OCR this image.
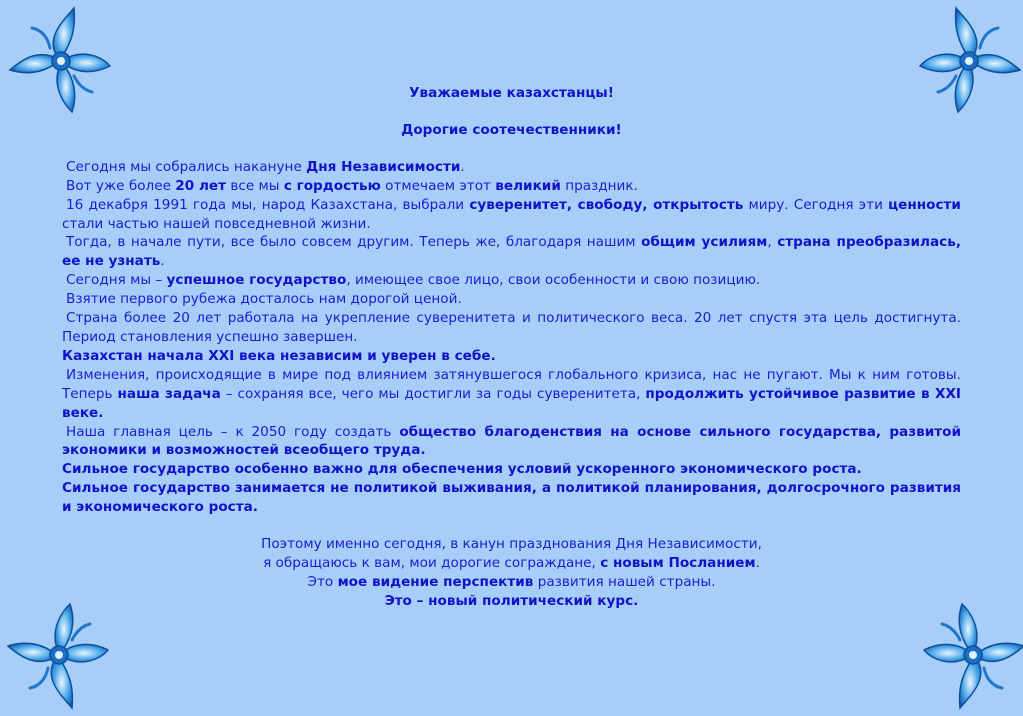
Уважаемые казахстанцы!
Дорогие соотечественники!
Сегодня мы собрались накануне Дня Независимости.
Вот уже более 20 лет все мы с гордостью отмечаем этот великий праздник.
16 декабря 1991 года мы, народ Казахстана, выбрали суверенитет, свободу, открытость миру. Сегодня эти ценности стали частью нашей повседневной жизни.
Тогда, в начале пути, все было совсем другим. Теперь же, благодаря нашим общим усилиям, страна преобразилась, ее не узнать.
Сегодня мы – успешное государство, имеющее свое лицо, свои особенности и свою позицию.
Взятие первого рубежа досталось нам дорогой ценой.
Страна более 20 лет работала на укрепление суверенитета и политического веса. 20 лет спустя эта цель достигнута. Период становления успешно завершен.
Казахстан начала XXI века независим и уверен в себе.
Изменения, происходящие в мире под влиянием затянувшегося глобального кризиса, нас не пугают. Мы к ним готовы. Теперь наша задача – сохраняя все, чего мы достигли за годы суверенитета, продолжить устойчивое развитие в XXI веке.
Наша главная цель – к 2050 году создать общество благоденствия на основе сильного государства, развитой экономики и возможностей всеобщего труда.
Сильное государство особенно важно для обеспечения условий ускоренного экономического роста.
Сильное государство занимается не политикой выживания, а политикой планирования, долгосрочного развития и экономического роста.
Поэтому именно сегодня, в канун празднования Дня Независимости,
я обращаюсь к вам, мои дорогие сограждане, с новым Посланием.
Это мое видение перспектив развития нашей страны.
Это – новый политический курс.
